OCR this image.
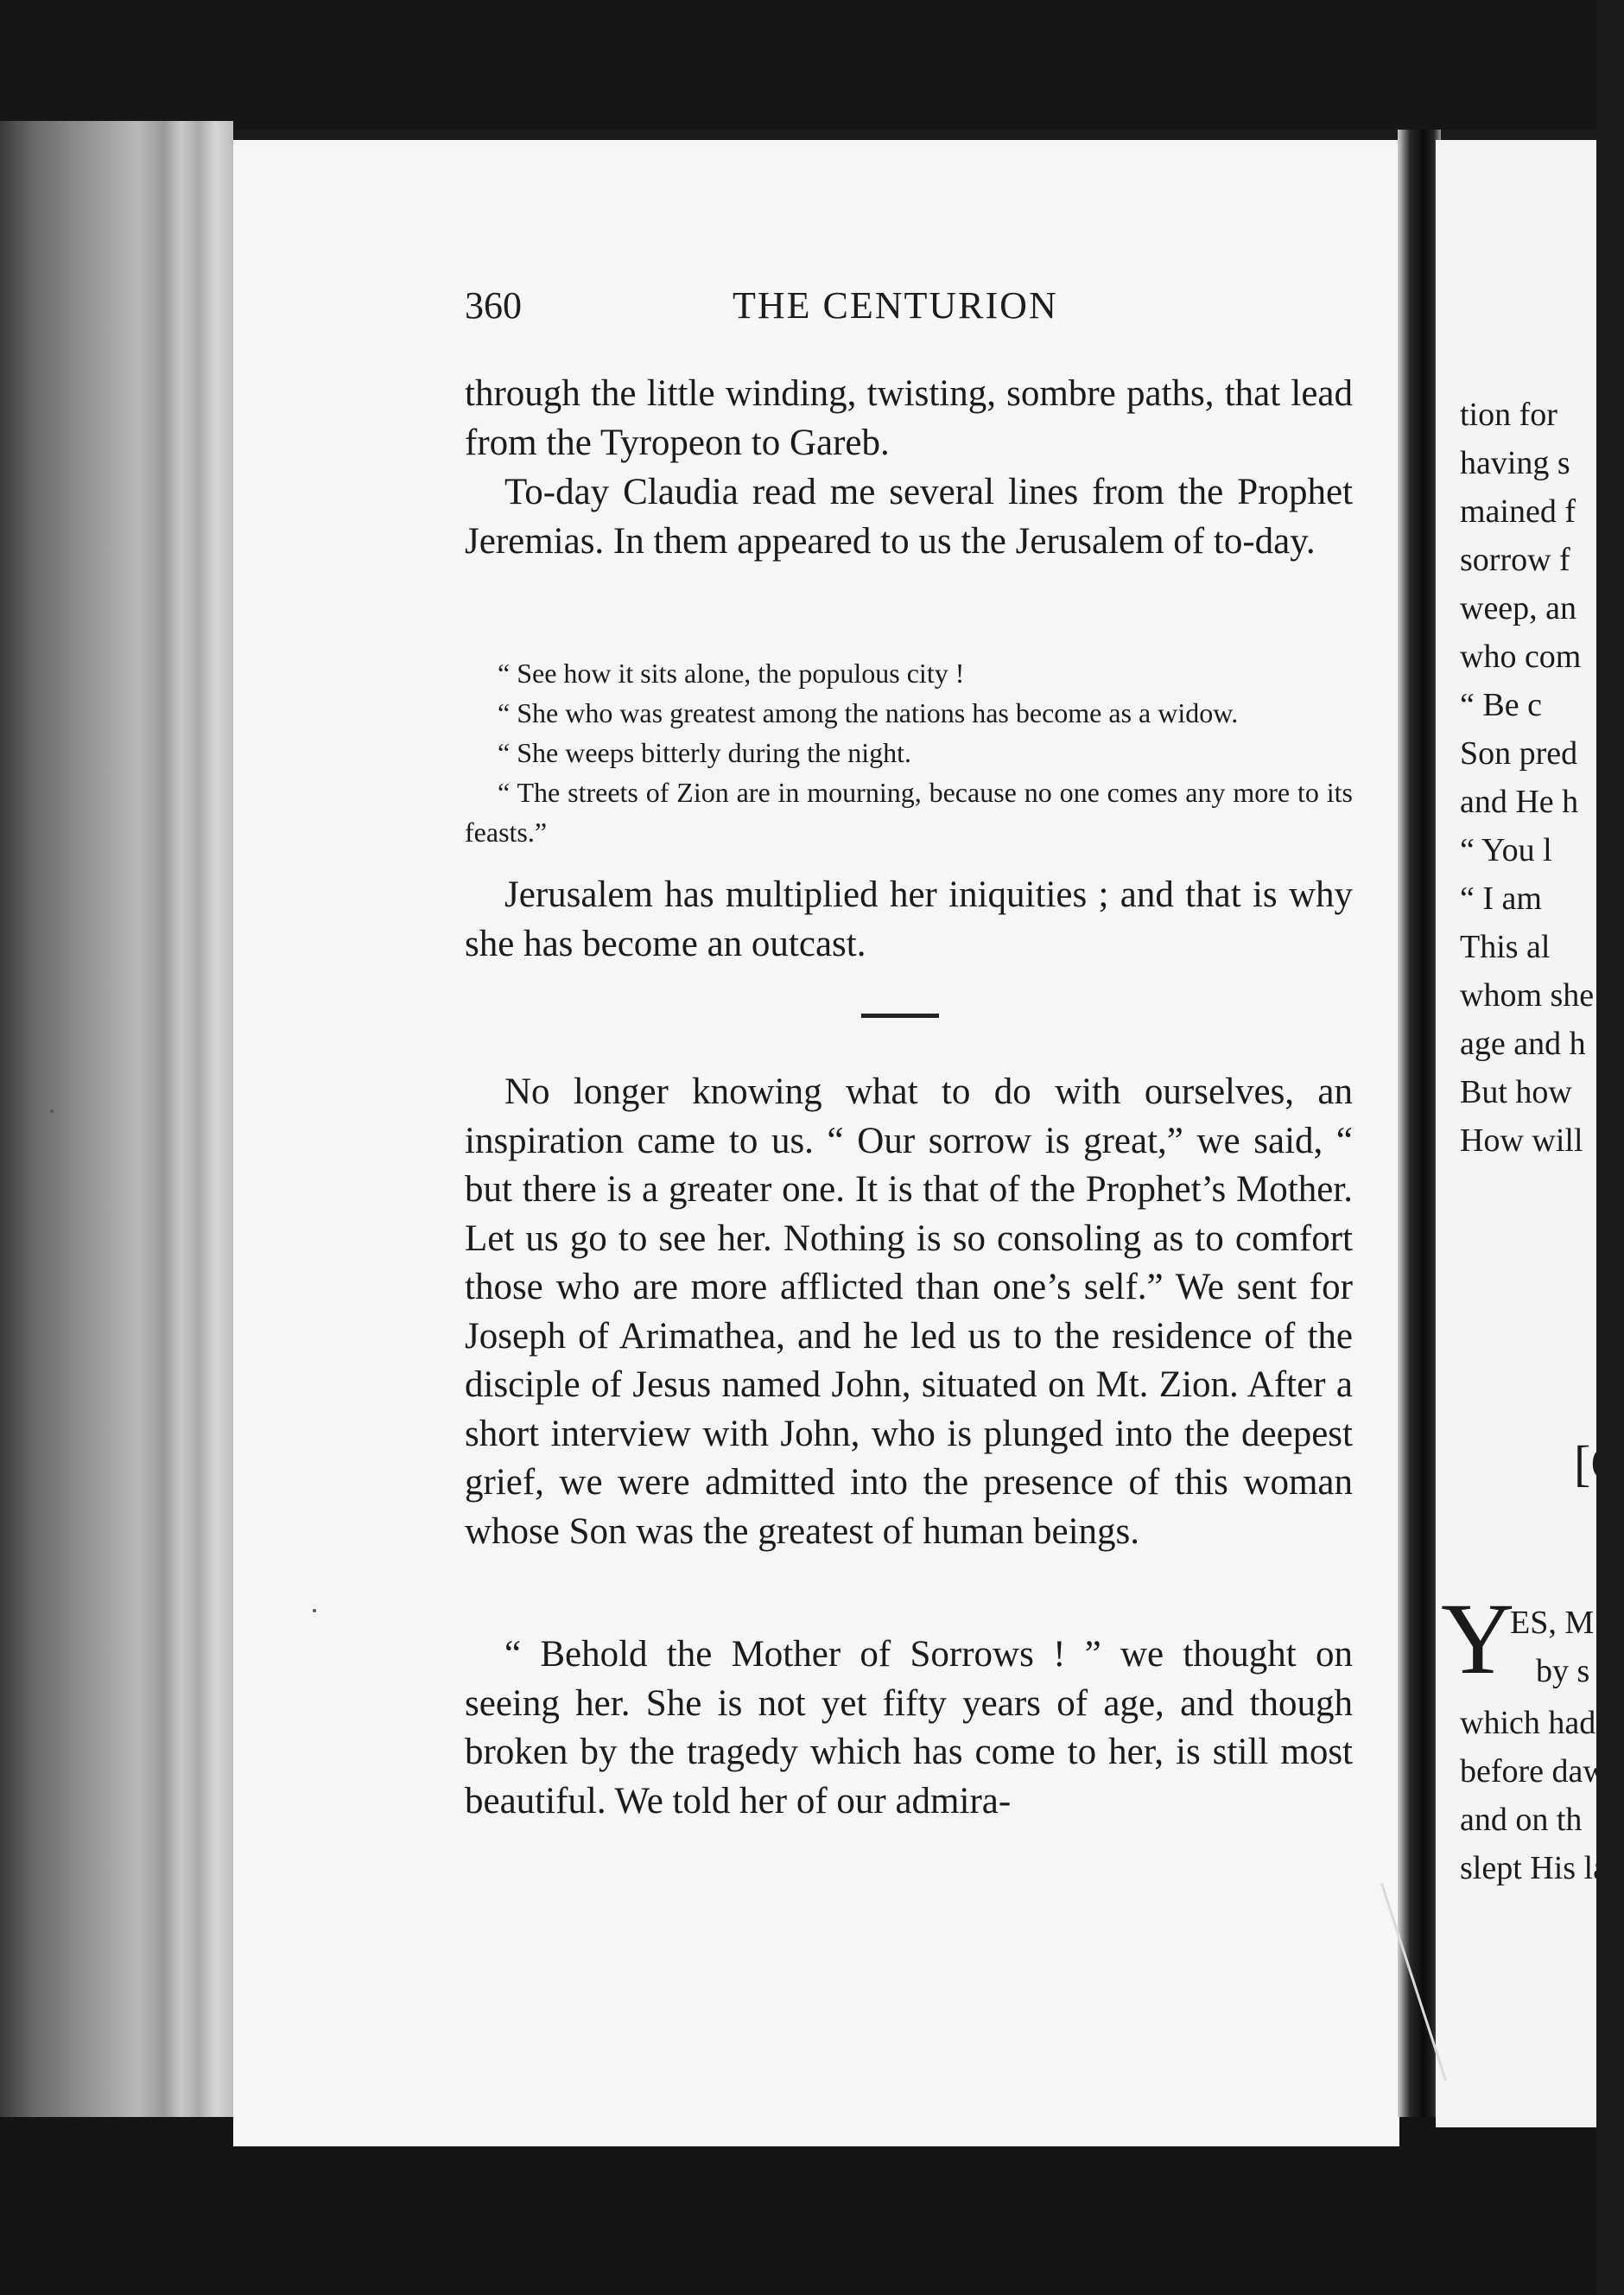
360	THE CENTURION

through the little winding, twisting, sombre paths, that lead from the Tyropeon to Gareb.

To-day Claudia read me several lines from the Prophet Jeremias. In them appeared to us the Jerusalem of to-day.

“ See how it sits alone, the populous city !

“ She who was greatest among the nations has become as a widow.

“ She weeps bitterly during the night.

“ The streets of Zion are in mourning, because no one comes any more to its feasts.”

Jerusalem has multiplied her iniquities ; and that is why she has become an outcast.

No longer knowing what to do with ourselves, an inspiration came to us. “ Our sorrow is great,” we said, “ but there is a greater one. It is that of the Prophet’s Mother. Let us go to see her. Nothing is so consoling as to comfort those who are more afflicted than one’s self.” We sent for Joseph of Arimathea, and he led us to the residence of the disciple of Jesus named John, situated on Mt. Zion. After a short interview with John, who is plunged into the deepest grief, we were admitted into the presence of this woman whose Son was the greatest of human beings.

“ Behold the Mother of Sorrows ! ” we thought on seeing her. She is not yet fifty years of age, and though broken by the tragedy which has come to her, is still most beautiful. We told her of our admira-

tion for
having s
mained f
sorrow f
weep, an
who com
“ Be c
Son pred
and He h
“ You l
“ I am
This al
whom she
age and h
But how
How will
[C
Y
ES, M
by s
which had
before daw
and on th
slept His la
